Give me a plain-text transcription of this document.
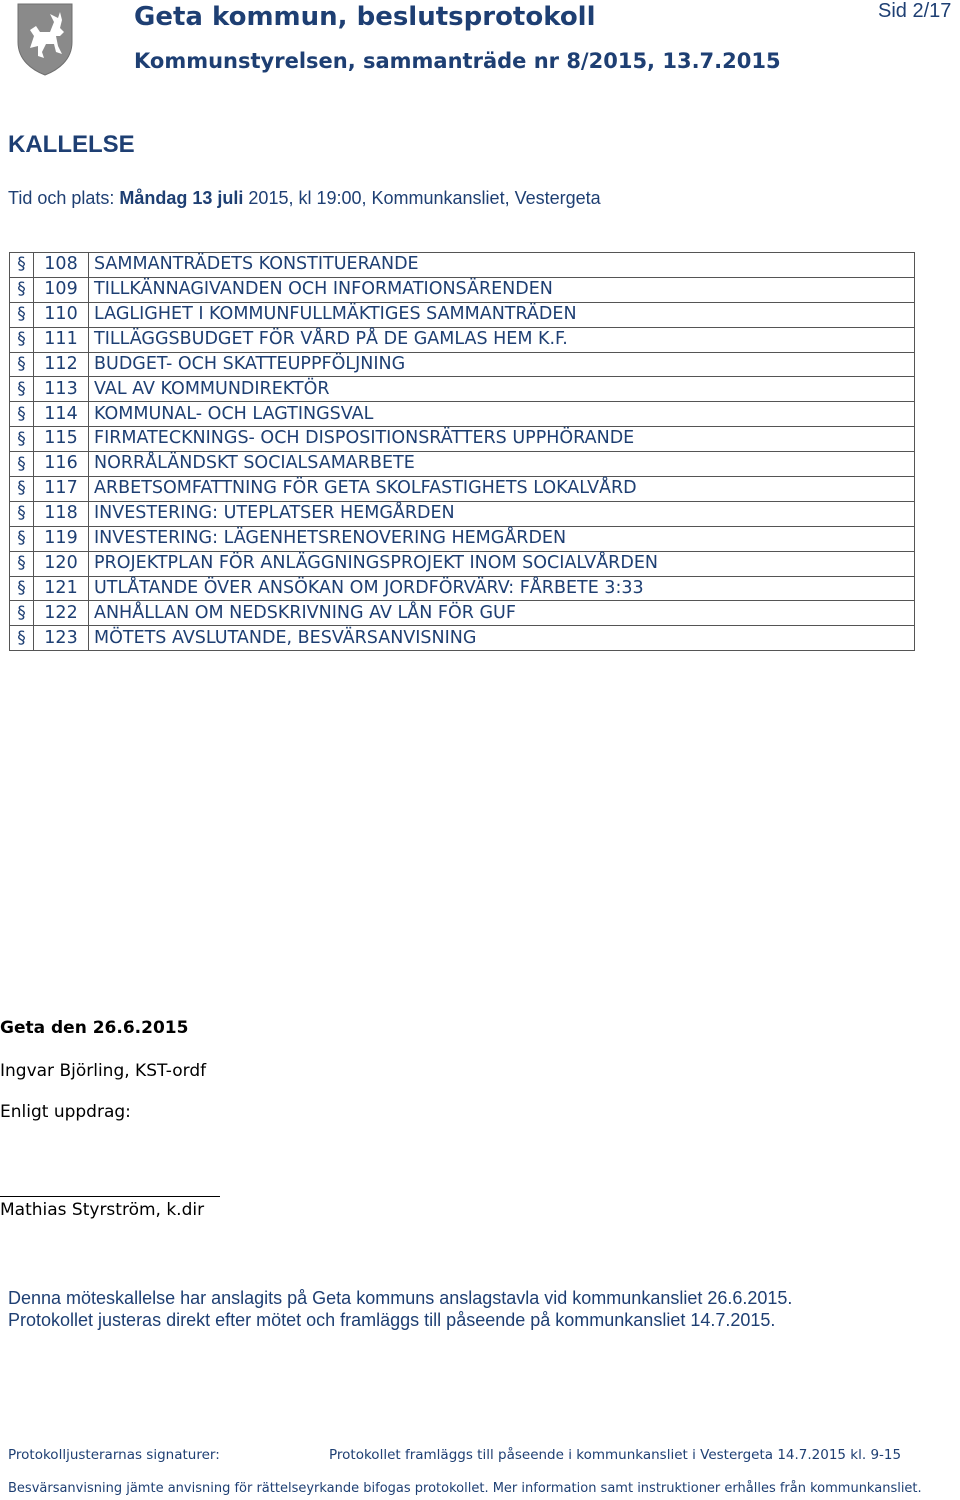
Geta kommun, beslutsprotokoll
Kommunstyrelsen, sammanträde nr 8/2015, 13.7.2015
Sid 2/17
KALLELSE
Tid och plats: Måndag 13 juli 2015, kl 19:00, Kommunkansliet, Vestergeta
§	108	SAMMANTRÄDETS KONSTITUERANDE
§	109	TILLKÄNNAGIVANDEN OCH INFORMATIONSÄRENDEN
§	110	LAGLIGHET I KOMMUNFULLMÄKTIGES SAMMANTRÄDEN
§	111	TILLÄGGSBUDGET FÖR VÅRD PÅ DE GAMLAS HEM K.F.
§	112	BUDGET- OCH SKATTEUPPFÖLJNING
§	113	VAL AV KOMMUNDIREKTÖR
§	114	KOMMUNAL- OCH LAGTINGSVAL
§	115	FIRMATECKNINGS- OCH DISPOSITIONSRÄTTERS UPPHÖRANDE
§	116	NORRÅLÄNDSKT SOCIALSAMARBETE
§	117	ARBETSOMFATTNING FÖR GETA SKOLFASTIGHETS LOKALVÅRD
§	118	INVESTERING: UTEPLATSER HEMGÅRDEN
§	119	INVESTERING: LÄGENHETSRENOVERING HEMGÅRDEN
§	120	PROJEKTPLAN FÖR ANLÄGGNINGSPROJEKT INOM SOCIALVÅRDEN
§	121	UTLÅTANDE ÖVER ANSÖKAN OM JORDFÖRVÄRV: FÅRBETE 3:33
§	122	ANHÅLLAN OM NEDSKRIVNING AV LÅN FÖR GUF
§	123	MÖTETS AVSLUTANDE, BESVÄRSANVISNING
Geta den 26.6.2015
Ingvar Björling, KST-ordf
Enligt uppdrag:
Mathias Styrström, k.dir
Denna möteskallelse har anslagits på Geta kommuns anslagstavla vid kommunkansliet 26.6.2015.
Protokollet justeras direkt efter mötet och framläggs till påseende på kommunkansliet 14.7.2015.
Protokolljusterarnas signaturer:	Protokollet framläggs till påseende i kommunkansliet i Vestergeta 14.7.2015 kl. 9-15
Besvärsanvisning jämte anvisning för rättelseyrkande bifogas protokollet. Mer information samt instruktioner erhålles från kommunkansliet.
